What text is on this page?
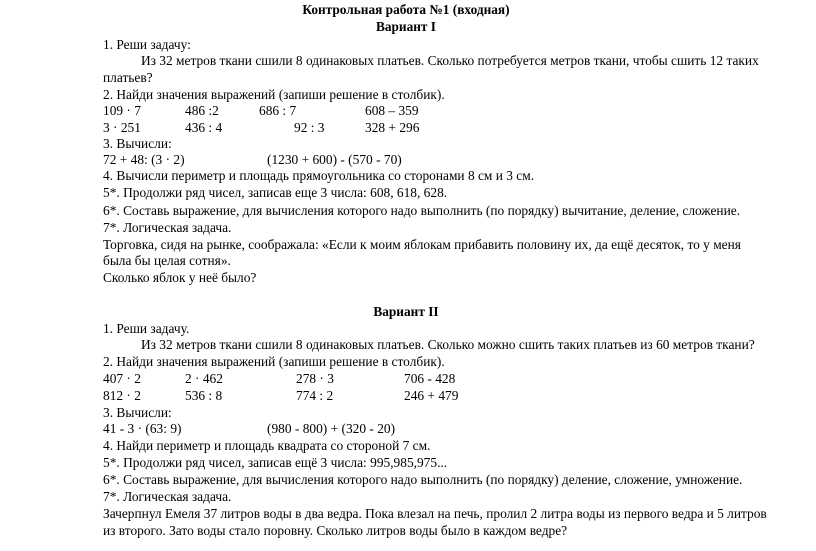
Контрольная работа №1 (входная)
Вариант I
1. Реши задачу:
Из 32 метров ткани сшили 8 одинаковых платьев. Сколько потребуется метров ткани, чтобы сшить 12 таких
платьев?
2. Найди значения выражений (запиши решение в столбик).
109 · 7	486 :2	686 : 7	608 – 359
3 · 251	436 : 4	92 : 3	328 + 296
3. Вычисли:
72 + 48: (3 · 2)	(1230 + 600) - (570 - 70)
4. Вычисли периметр и площадь прямоугольника со сторонами 8 см и 3 см.
5*. Продолжи ряд чисел, записав еще 3 числа: 608, 618, 628.
6*. Составь выражение, для вычисления которого надо выполнить (по порядку) вычитание, деление, сложение.
7*. Логическая задача.
Торговка, сидя на рынке, соображала: «Если к моим яблокам прибавить половину их, да ещё десяток, то у меня
была бы целая сотня».
Сколько яблок у неё было?
Вариант II
1. Реши задачу.
Из 32 метров ткани сшили 8 одинаковых платьев. Сколько можно сшить таких платьев из 60 метров ткани?
2. Найди значения выражений (запиши решение в столбик).
407 · 2	2 · 462	278 · 3	706 - 428
812 · 2	536 : 8	774 : 2	246 + 479
3. Вычисли:
41 - 3 · (63: 9)	(980 - 800) + (320 - 20)
4. Найди периметр и площадь квадрата со стороной 7 см.
5*. Продолжи ряд чисел, записав ещё 3 числа: 995,985,975...
6*. Составь выражение, для вычисления которого надо выполнить (по порядку) деление, сложение, умножение.
7*. Логическая задача.
Зачерпнул Емеля 37 литров воды в два ведра. Пока влезал на печь, пролил 2 литра воды из первого ведра и 5 литров
из второго. Зато воды стало поровну. Сколько литров воды было в каждом ведре?
